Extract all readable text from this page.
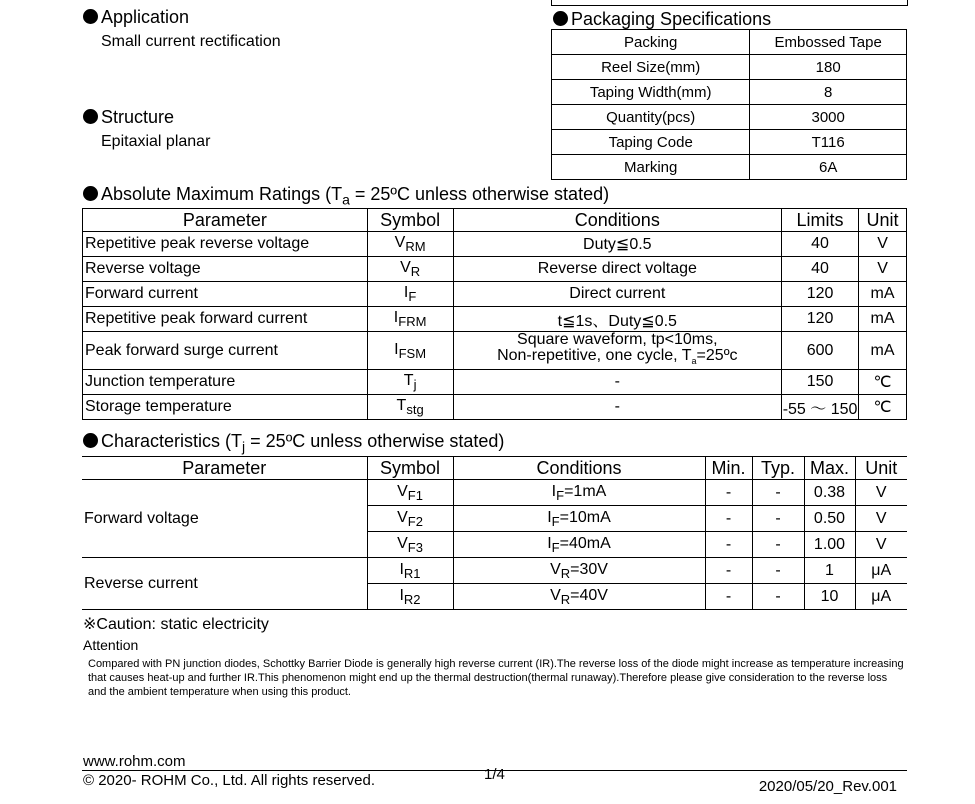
Application
Small current rectification
Structure
Epitaxial planar
Packaging Specifications
Packing	Embossed Tape
Reel Size(mm)	180
Taping Width(mm)	8
Quantity(pcs)	3000
Taping Code	T116
Marking	6A
Absolute Maximum Ratings ($T_a$ = 25ºC unless otherwise stated)
Parameter	Symbol	Conditions	Limits	Unit
Repetitive peak reverse voltage	$V_{RM}$	Duty≦0.5	40	V
Reverse voltage	$V_R$	Reverse direct voltage	40	V
Forward current	$I_F$	Direct current	120	mA
Repetitive peak forward current	$I_{FRM}$	t≦1s、Duty≦0.5	120	mA
Peak forward surge current	$I_{FSM}$	Square waveform, tp<10ms,
Non-repetitive, one cycle, $T_a=25ºc$	600	mA
Junction temperature	$T_j$	-	150	℃
Storage temperature	$T_{stg}$	-	-55 ～ 150	℃
Characteristics ($T_j$ = 25ºC unless otherwise stated)
Parameter	Symbol	Conditions	Min.	Typ.	Max.	Unit
Forward voltage	$V_{F1}$	$I_F=1mA$	-	-	0.38	V
	$V_{F2}$	$I_F=10mA$	-	-	0.50	V
	$V_{F3}$	$I_F=40mA$	-	-	1.00	V
Reverse current	$I_{R1}$	$V_R=30V$	-	-	1	μA
	$I_{R2}$	$V_R=40V$	-	-	10	μA
※Caution: static electricity
Attention
Compared with PN junction diodes, Schottky Barrier Diode is generally high reverse current (IR).The reverse loss of the diode might increase as temperature increasing that causes heat-up and further IR.This phenomenon might end up the thermal destruction(thermal runaway).Therefore please give consideration to the reverse loss and the ambient temperature when using this product.
www.rohm.com
© 2020- ROHM Co., Ltd. All rights reserved.	1/4
2020/05/20_Rev.001
